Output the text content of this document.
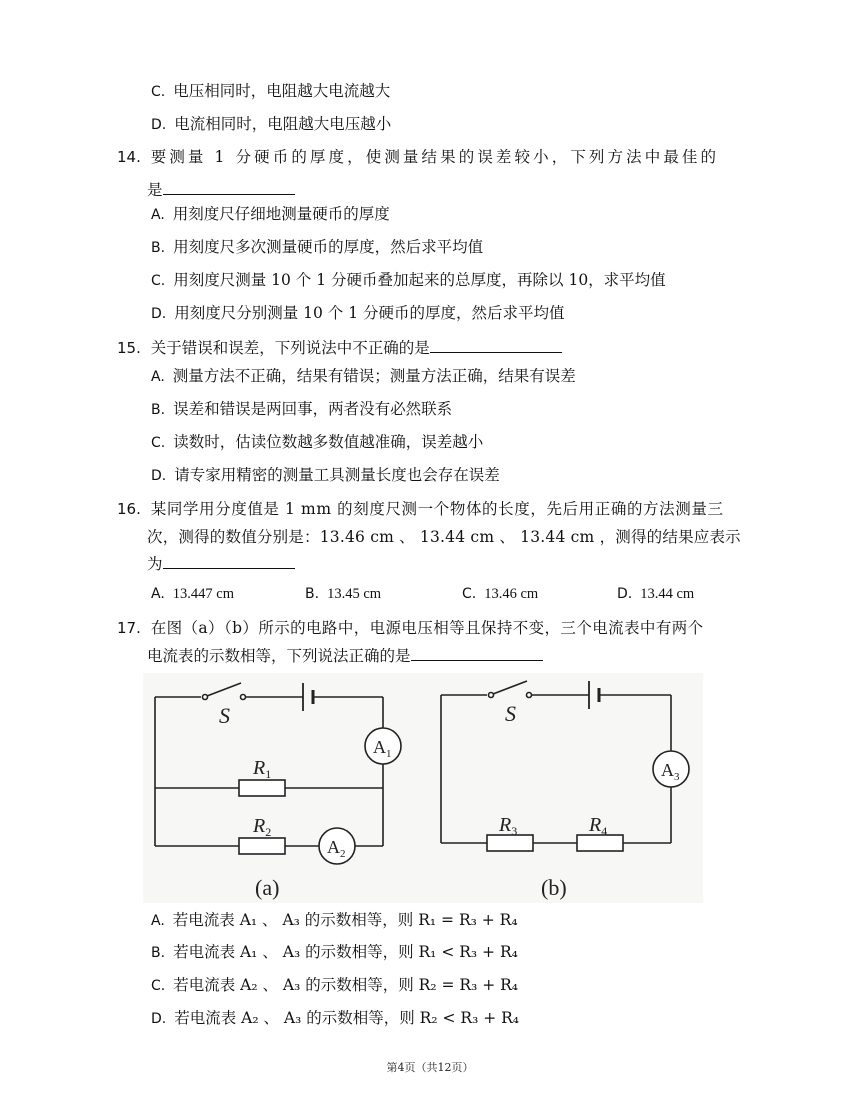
C. 电压相同时，电阻越大电流越大
D. 电流相同时，电阻越大电压越小
14. 要测量 1 分硬币的厚度，使测量结果的误差较小，下列方法中最佳的
是
A. 用刻度尺仔细地测量硬币的厚度
B. 用刻度尺多次测量硬币的厚度，然后求平均值
C. 用刻度尺测量 10 个 1 分硬币叠加起来的总厚度，再除以 10，求平均值
D. 用刻度尺分别测量 10 个 1 分硬币的厚度，然后求平均值
15. 关于错误和误差，下列说法中不正确的是
A. 测量方法不正确，结果有错误；测量方法正确，结果有误差
B. 误差和错误是两回事，两者没有必然联系
C. 读数时，估读位数越多数值越准确，误差越小
D. 请专家用精密的测量工具测量长度也会存在误差
16. 某同学用分度值是 1 mm 的刻度尺测一个物体的长度，先后用正确的方法测量三
次，测得的数值分别是：13.46 cm 、 13.44 cm 、 13.44 cm ，测得的结果应表示
为
A. 13.447 cm	B. 13.45 cm	C. 13.46 cm	D. 13.44 cm
17. 在图（a）（b）所示的电路中，电源电压相等且保持不变，三个电流表中有两个
电流表的示数相等，下列说法正确的是
S
$A_1$
$R_1$
$R_2$
$A_2$
(a)
S
$A_3$
$R_3$	$R_4$
(b)
A. 若电流表 A₁ 、 A₃ 的示数相等，则 R₁ = R₃ + R₄
B. 若电流表 A₁ 、 A₃ 的示数相等，则 R₁ < R₃ + R₄
C. 若电流表 A₂ 、 A₃ 的示数相等，则 R₂ = R₃ + R₄
D. 若电流表 A₂ 、 A₃ 的示数相等，则 R₂ < R₃ + R₄
第4页（共12页）
